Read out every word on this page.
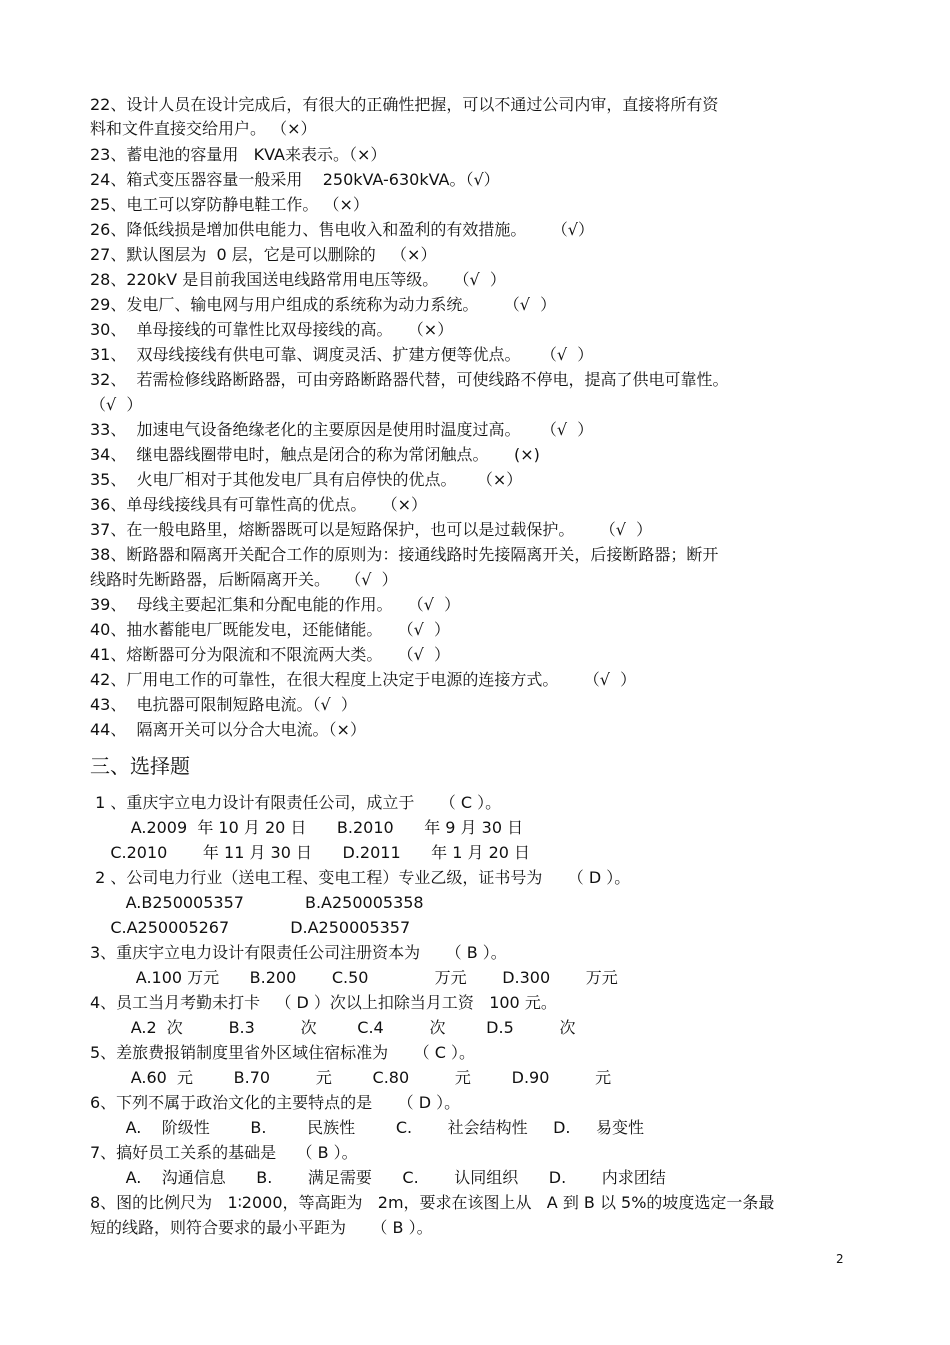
22、设计人员在设计完成后，有很大的正确性把握，可以不通过公司内审，直接将所有资
料和文件直接交给用户。 （×）
23、蓄电池的容量用   KVA来表示。（×）
24、箱式变压器容量一般采用    250kVA-630kVA。（√）
25、电工可以穿防静电鞋工作。 （×）
26、降低线损是增加供电能力、售电收入和盈利的有效措施。     （√）
27、默认图层为  0 层，它是可以删除的   （×）
28、220kV 是目前我国送电线路常用电压等级。   （√  ）
29、发电厂、输电网与用户组成的系统称为动力系统。     （√  ）
30、  单母接线的可靠性比双母接线的高。   （×）
31、  双母线接线有供电可靠、调度灵活、扩建方便等优点。    （√  ）
32、  若需检修线路断路器，可由旁路断路器代替，可使线路不停电，提高了供电可靠性。
（√  ）
33、  加速电气设备绝缘老化的主要原因是使用时温度过高。    （√  ）
34、  继电器线圈带电时，触点是闭合的称为常闭触点。     (×)
35、  火电厂相对于其他发电厂具有启停快的优点。    （×）
36、单母线接线具有可靠性高的优点。   （×）
37、在一般电路里，熔断器既可以是短路保护，也可以是过载保护。     （√  ）
38、断路器和隔离开关配合工作的原则为：接通线路时先接隔离开关，后接断路器；断开
线路时先断路器，后断隔离开关。   （√  ）
39、  母线主要起汇集和分配电能的作用。   （√  ）
40、抽水蓄能电厂既能发电，还能储能。   （√  ）
41、熔断器可分为限流和不限流两大类。   （√  ）
42、厂用电工作的可靠性，在很大程度上决定于电源的连接方式。     （√  ）
43、  电抗器可限制短路电流。（√  ）
44、  隔离开关可以分合大电流。（×）
三、选择题
1 、重庆宇立电力设计有限责任公司，成立于     （ C ）。
A.2009  年 10 月 20 日      B.2010      年 9 月 30 日
C.2010       年 11 月 30 日      D.2011      年 1 月 20 日
2 、公司电力行业（送电工程、变电工程）专业乙级，证书号为     （ D ）。
A.B250005357            B.A250005358
C.A250005267            D.A250005357
3、重庆宇立电力设计有限责任公司注册资本为     （ B ）。
A.100 万元      B.200       C.50             万元       D.300       万元
4、员工当月考勤未打卡   （ D ）次以上扣除当月工资   100 元。
A.2  次         B.3         次        C.4         次        D.5         次
5、差旅费报销制度里省外区域住宿标准为     （ C ）。
A.60  元        B.70         元        C.80         元        D.90         元
6、下列不属于政治文化的主要特点的是     （ D ）。
A.    阶级性        B.        民族性        C.       社会结构性     D.     易变性
7、搞好员工关系的基础是    （ B ）。
A.    沟通信息      B.       满足需要      C.       认同组织      D.       内求团结
8、图的比例尺为   1∶2000，等高距为   2m，要求在该图上从   A 到 B 以 5%的坡度选定一条最
短的线路，则符合要求的最小平距为     （ B ）。
2
